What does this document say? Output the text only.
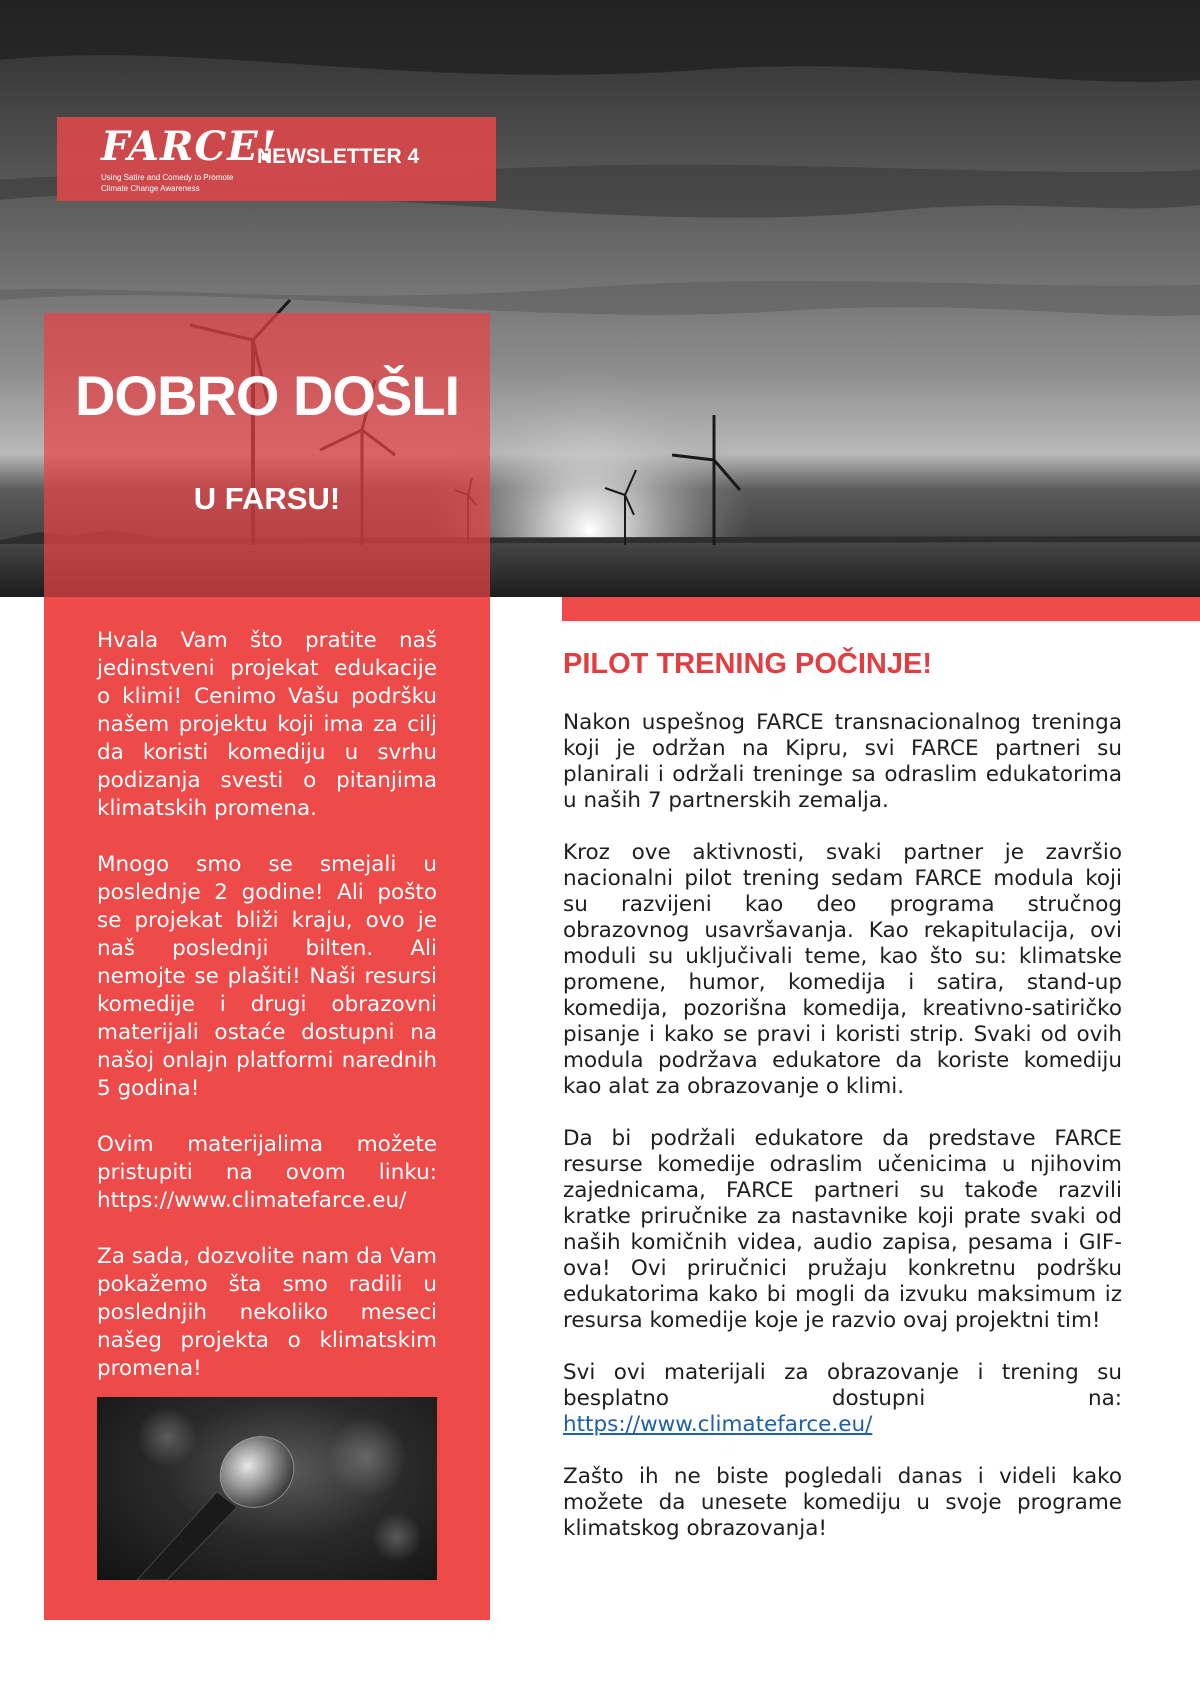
FARCE!
Using Satire and Comedy to Promote Climate Change Awareness
NEWSLETTER 4
DOBRO DOŠLI
U FARSU!

Hvala Vam što pratite naš jedinstveni projekat edukacije o klimi! Cenimo Vašu podršku našem projektu koji ima za cilj da koristi komediju u svrhu podizanja svesti o pitanjima klimatskih promena.

Mnogo smo se smejali u poslednje 2 godine! Ali pošto se projekat bliži kraju, ovo je naš poslednji bilten. Ali nemojte se plašiti! Naši resursi komedije i drugi obrazovni materijali ostaće dostupni na našoj onlajn platformi narednih 5 godina!

Ovim materijalima možete pristupiti na ovom linku: https://www.climatefarce.eu/

Za sada, dozvolite nam da Vam pokažemo šta smo radili u poslednjih nekoliko meseci našeg projekta o klimatskim promena!

PILOT TRENING POČINJE!

Nakon uspešnog FARCE transnacionalnog treninga koji je održan na Kipru, svi FARCE partneri su planirali i održali treninge sa odraslim edukatorima u naših 7 partnerskih zemalja.

Kroz ove aktivnosti, svaki partner je završio nacionalni pilot trening sedam FARCE modula koji su razvijeni kao deo programa stručnog obrazovnog usavršavanja. Kao rekapitulacija, ovi moduli su uključivali teme, kao što su: klimatske promene, humor, komedija i satira, stand-up komedija, pozorišna komedija, kreativno-satiričko pisanje i kako se pravi i koristi strip. Svaki od ovih modula podržava edukatore da koriste komediju kao alat za obrazovanje o klimi.

Da bi podržali edukatore da predstave FARCE resurse komedije odraslim učenicima u njihovim zajednicama, FARCE partneri su takođe razvili kratke priručnike za nastavnike koji prate svaki od naših komičnih videa, audio zapisa, pesama i GIF-ova! Ovi priručnici pružaju konkretnu podršku edukatorima kako bi mogli da izvuku maksimum iz resursa komedije koje je razvio ovaj projektni tim!

Svi ovi materijali za obrazovanje i trening su besplatno dostupni na: https://www.climatefarce.eu/

Zašto ih ne biste pogledali danas i videli kako možete da unesete komediju u svoje programe klimatskog obrazovanja!
